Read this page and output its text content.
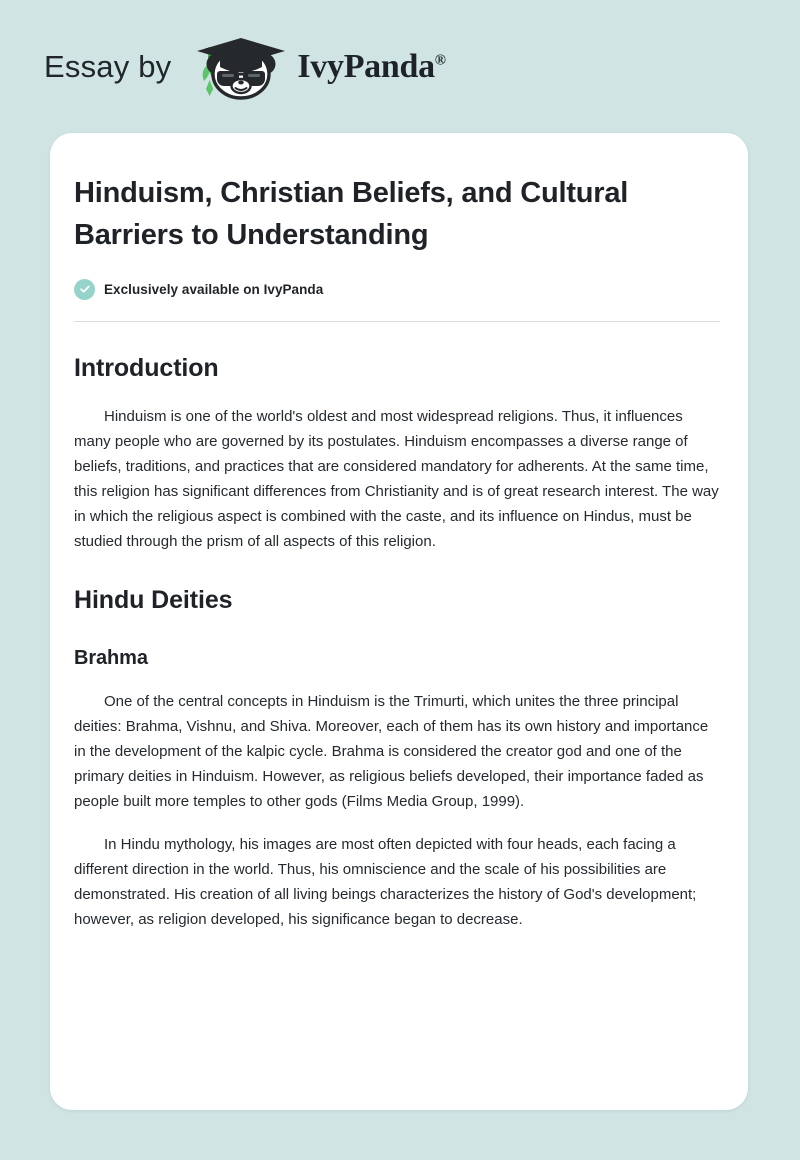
Essay by	IvyPanda®
Hinduism, Christian Beliefs, and Cultural Barriers to Understanding
Exclusively available on IvyPanda
Introduction

Hinduism is one of the world's oldest and most widespread religions. Thus, it influences many people who are governed by its postulates. Hinduism encompasses a diverse range of beliefs, traditions, and practices that are considered mandatory for adherents. At the same time, this religion has significant differences from Christianity and is of great research interest. The way in which the religious aspect is combined with the caste, and its influence on Hindus, must be studied through the prism of all aspects of this religion.

Hindu Deities
Brahma

One of the central concepts in Hinduism is the Trimurti, which unites the three principal deities: Brahma, Vishnu, and Shiva. Moreover, each of them has its own history and importance in the development of the kalpic cycle. Brahma is considered the creator god and one of the primary deities in Hinduism. However, as religious beliefs developed, their importance faded as people built more temples to other gods (Films Media Group, 1999).

In Hindu mythology, his images are most often depicted with four heads, each facing a different direction in the world. Thus, his omniscience and the scale of his possibilities are demonstrated. His creation of all living beings characterizes the history of God's development; however, as religion developed, his significance began to decrease.
